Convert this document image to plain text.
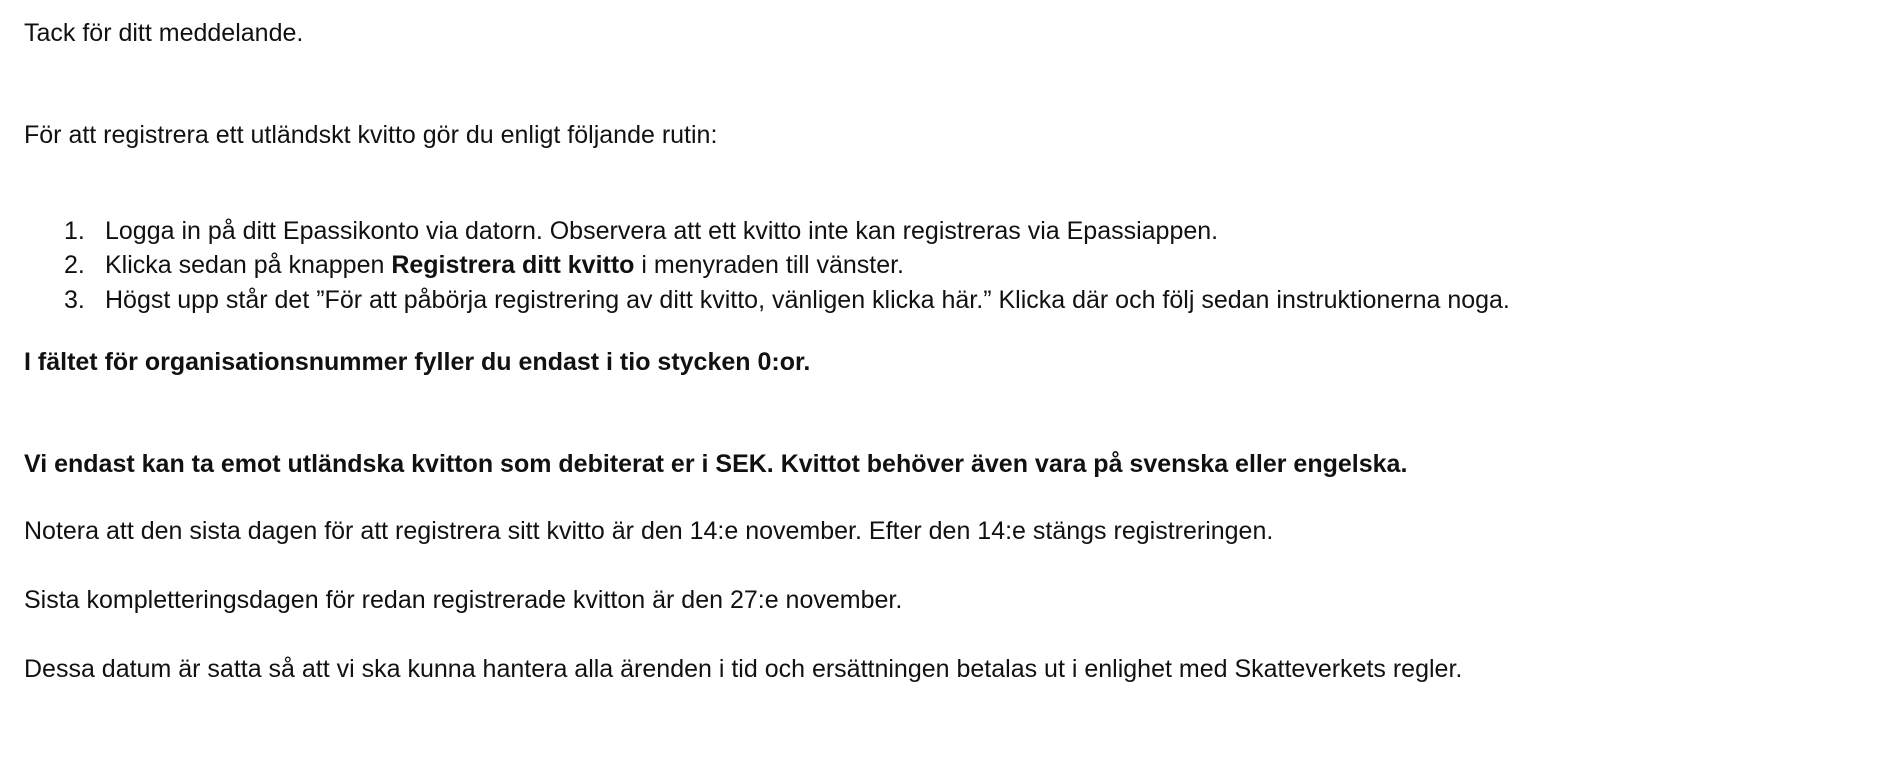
Tack för ditt meddelande.
För att registrera ett utländskt kvitto gör du enligt följande rutin:
1. Logga in på ditt Epassikonto via datorn. Observera att ett kvitto inte kan registreras via Epassiappen.
2. Klicka sedan på knappen Registrera ditt kvitto i menyraden till vänster.
3. Högst upp står det ”För att påbörja registrering av ditt kvitto, vänligen klicka här.” Klicka där och följ sedan instruktionerna noga.
I fältet för organisationsnummer fyller du endast i tio stycken 0:or.
Vi endast kan ta emot utländska kvitton som debiterat er i SEK. Kvittot behöver även vara på svenska eller engelska.
Notera att den sista dagen för att registrera sitt kvitto är den 14:e november. Efter den 14:e stängs registreringen.
Sista kompletteringsdagen för redan registrerade kvitton är den 27:e november.
Dessa datum är satta så att vi ska kunna hantera alla ärenden i tid och ersättningen betalas ut i enlighet med Skatteverkets regler.
